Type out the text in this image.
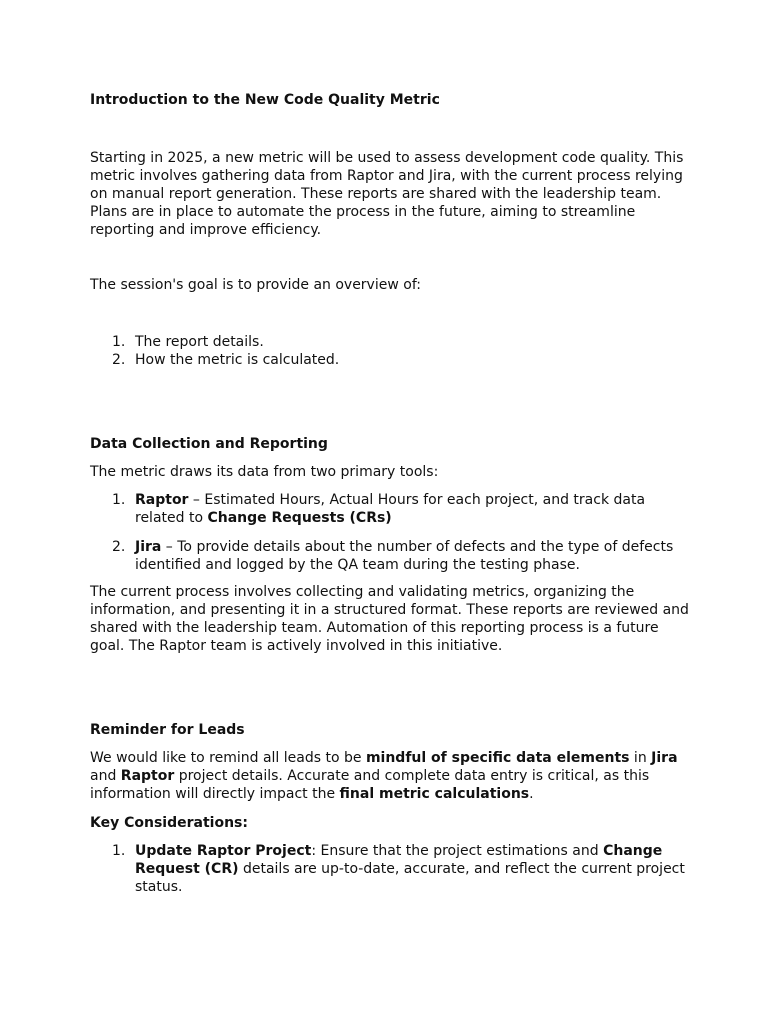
Introduction to the New Code Quality Metric

Starting in 2025, a new metric will be used to assess development code quality. This metric involves gathering data from Raptor and Jira, with the current process relying on manual report generation. These reports are shared with the leadership team. Plans are in place to automate the process in the future, aiming to streamline reporting and improve efficiency.

The session's goal is to provide an overview of:

1. The report details.
2. How the metric is calculated.

Data Collection and Reporting

The metric draws its data from two primary tools:

1. Raptor – Estimated Hours, Actual Hours for each project, and track data related to Change Requests (CRs)
2. Jira – To provide details about the number of defects and the type of defects identified and logged by the QA team during the testing phase.

The current process involves collecting and validating metrics, organizing the information, and presenting it in a structured format. These reports are reviewed and shared with the leadership team. Automation of this reporting process is a future goal. The Raptor team is actively involved in this initiative.

Reminder for Leads

We would like to remind all leads to be mindful of specific data elements in Jira
and Raptor project details. Accurate and complete data entry is critical, as this information will directly impact the final metric calculations.

Key Considerations:

1. Update Raptor Project: Ensure that the project estimations and Change Request (CR) details are up-to-date, accurate, and reflect the current project status.
